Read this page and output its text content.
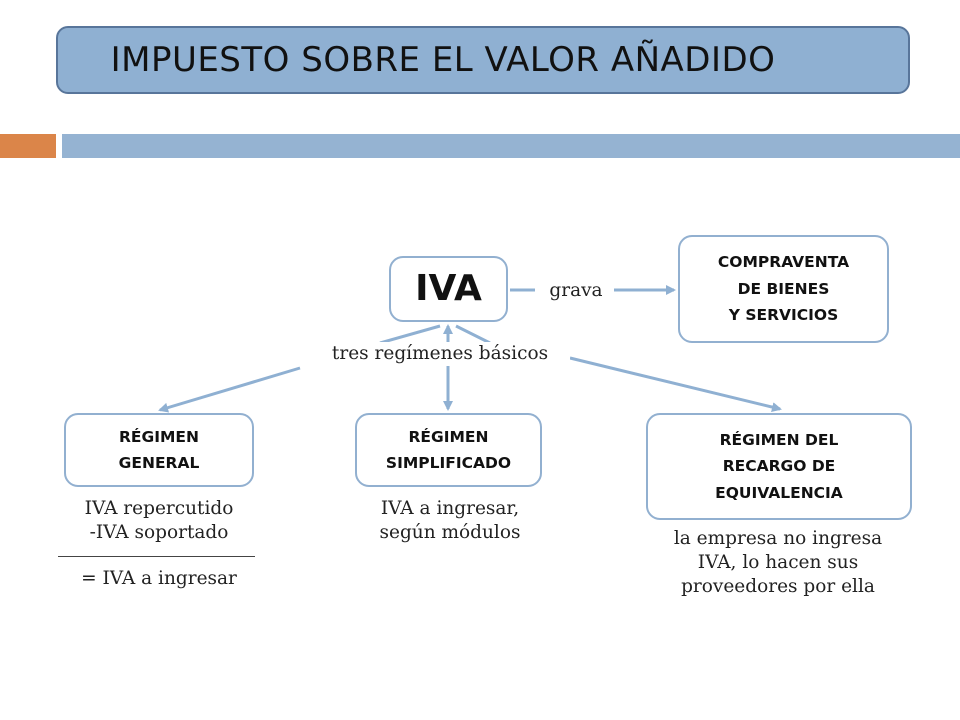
IMPUESTO SOBRE EL VALOR AÑADIDO
IVA	grava
COMPRAVENTA
DE BIENES
Y SERVICIOS
tres regímenes básicos
RÉGIMEN
GENERAL
RÉGIMEN
SIMPLIFICADO
RÉGIMEN DEL
RECARGO DE
EQUIVALENCIA
IVA repercutido
-IVA soportado
= IVA a ingresar
IVA a ingresar,
según módulos	la empresa no ingresa
IVA, lo hacen sus
proveedores por ella
